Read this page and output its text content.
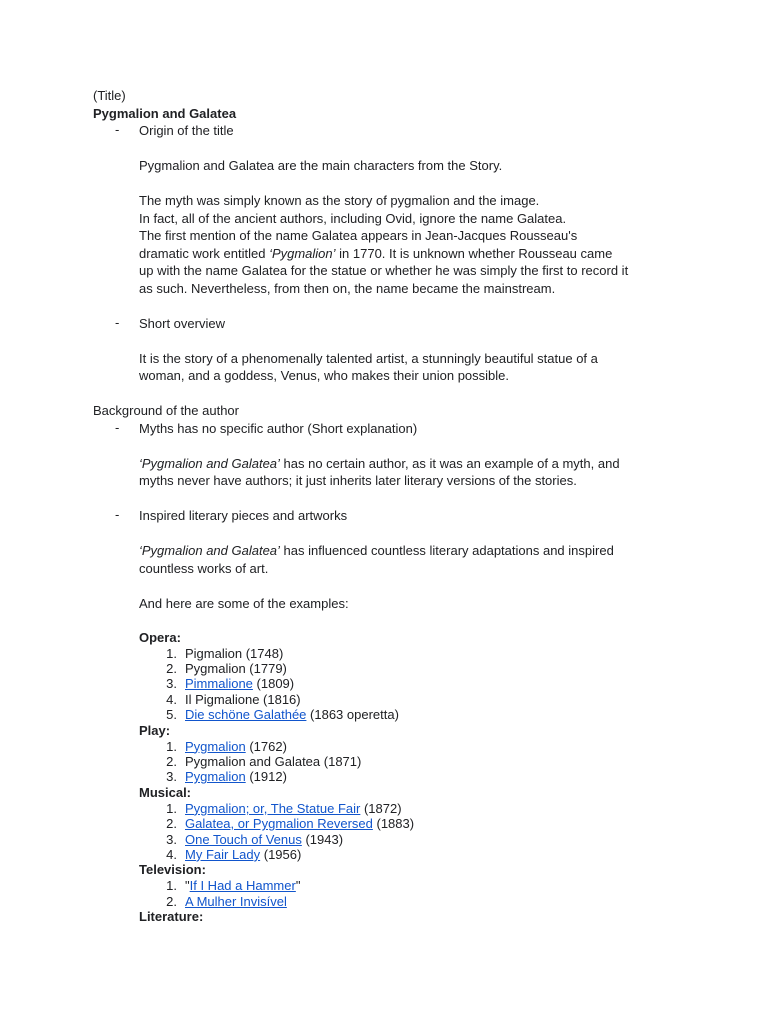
(Title)

Pygmalion and Galatea

-	Origin of the title

Pygmalion and Galatea are the main characters from the Story.

The myth was simply known as the story of pygmalion and the image.

In fact, all of the ancient authors, including Ovid, ignore the name Galatea.

The first mention of the name Galatea appears in Jean-Jacques Rousseau's

dramatic work entitled ‘Pygmalion’ in 1770. It is unknown whether Rousseau came

up with the name Galatea for the statue or whether he was simply the first to record it

as such. Nevertheless, from then on, the name became the mainstream.

-	Short overview

It is the story of a phenomenally talented artist, a stunningly beautiful statue of a

woman, and a goddess, Venus, who makes their union possible.

Background of the author

-	Myths has no specific author (Short explanation)

‘Pygmalion and Galatea’ has no certain author, as it was an example of a myth, and

myths never have authors; it just inherits later literary versions of the stories.

-	Inspired literary pieces and artworks

‘Pygmalion and Galatea’ has influenced countless literary adaptations and inspired

countless works of art.

And here are some of the examples:

Opera:

1. Pigmalion (1748)
2. Pygmalion (1779)
3. Pimmalione (1809)
4. Il Pigmalione (1816)
5. Die schöne Galathée (1863 operetta)

Play:

1. Pygmalion (1762)
2. Pygmalion and Galatea (1871)
3. Pygmalion (1912)

Musical:

1. Pygmalion; or, The Statue Fair (1872)
2. Galatea, or Pygmalion Reversed (1883)
3. One Touch of Venus (1943)
4. My Fair Lady (1956)

Television:

1. "If I Had a Hammer"
2. A Mulher Invisível

Literature:
